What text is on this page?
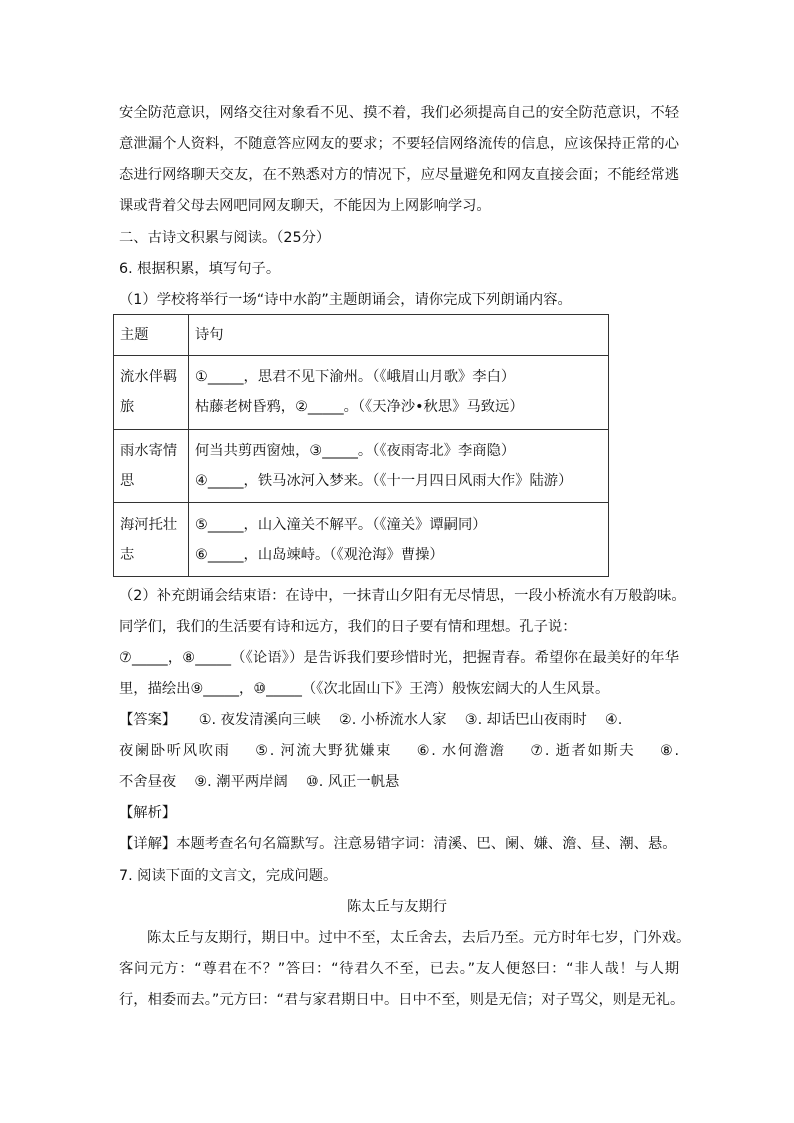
安全防范意识，网络交往对象看不见、摸不着，我们必须提高自己的安全防范意识，不轻
意泄漏个人资料，不随意答应网友的要求；不要轻信网络流传的信息，应该保持正常的心
态进行网络聊天交友，在不熟悉对方的情况下，应尽量避免和网友直接会面；不能经常逃
课或背着父母去网吧同网友聊天，不能因为上网影响学习。
二、古诗文积累与阅读。（25分）
6. 根据积累，填写句子。
（1）学校将举行一场“诗中水韵”主题朗诵会，请你完成下列朗诵内容。
主题	诗句

流水伴羁
旅	①_____，思君不见下渝州。（《峨眉山月歌》李白）
枯藤老树昏鸦，②_____。（《天净沙•秋思》马致远）

雨水寄情
思	何当共剪西窗烛，③_____。（《夜雨寄北》李商隐）
④_____，铁马冰河入梦来。（《十一月四日风雨大作》陆游）

海河托壮
志	⑤_____，山入潼关不解平。（《潼关》谭嗣同）
⑥_____，山岛竦峙。（《观沧海》曹操）
（2）补充朗诵会结束语：在诗中，一抹青山夕阳有无尽情思，一段小桥流水有万般韵味。
同学们，我们的生活要有诗和远方，我们的日子要有情和理想。孔子说：
⑦_____，⑧_____（《论语》）是告诉我们要珍惜时光，把握青春。希望你在最美好的年华
里，描绘出⑨_____，⑩_____（《次北固山下》王湾）般恢宏阔大的人生风景。
【答案】 ①. 夜发清溪向三峡    ②. 小桥流水人家    ③. 却话巴山夜雨时    ④.
夜阑卧听风吹雨    ⑤. 河流大野犹嫌束    ⑥. 水何澹澹    ⑦. 逝者如斯夫    ⑧.
不舍昼夜    ⑨. 潮平两岸阔    ⑩. 风正一帆悬
【解析】
【详解】本题考查名句名篇默写。注意易错字词：清溪、巴、阑、嫌、澹、昼、潮、悬。
7. 阅读下面的文言文，完成问题。
陈太丘与友期行
陈太丘与友期行，期日中。过中不至，太丘舍去，去后乃至。元方时年七岁，门外戏。
客问元方：“尊君在不？”答曰：“待君久不至，已去。”友人便怒曰：“非人哉！与人期
行，相委而去。”元方曰：“君与家君期日中。日中不至，则是无信；对子骂父，则是无礼。
